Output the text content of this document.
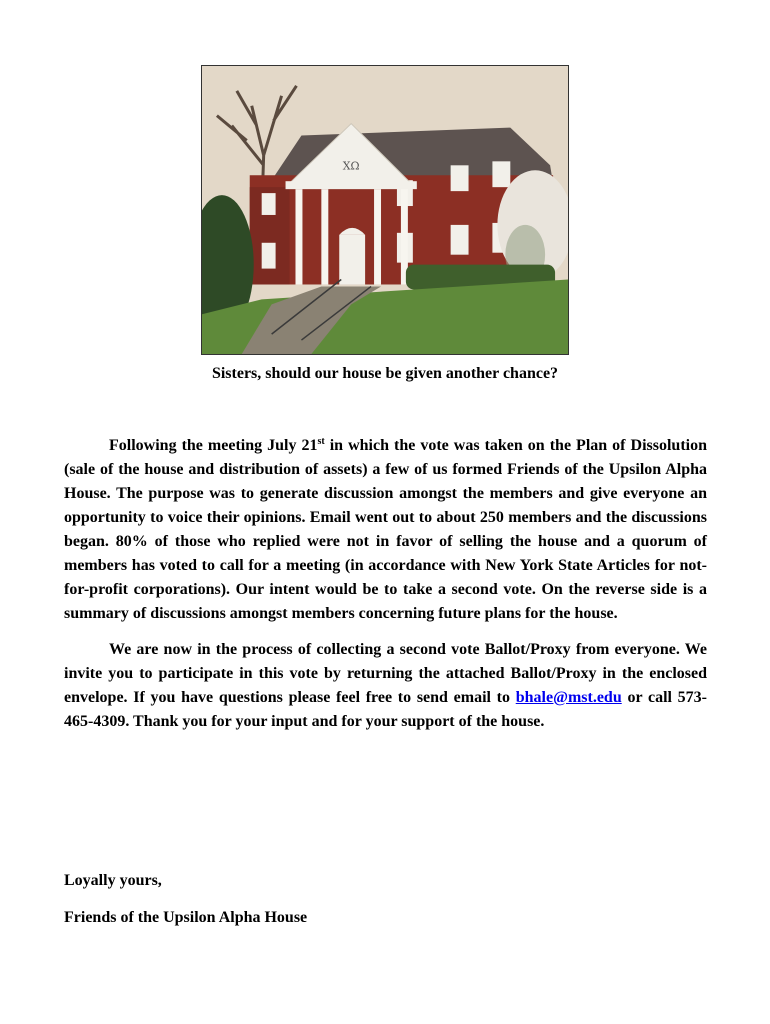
ΧΩ
Sisters, should our house be given another chance?

Following the meeting July 21st in which the vote was taken on the Plan of Dissolution (sale of the house and distribution of assets) a few of us formed Friends of the Upsilon Alpha House. The purpose was to generate discussion amongst the members and give everyone an opportunity to voice their opinions. Email went out to about 250 members and the discussions began. 80% of those who replied were not in favor of selling the house and a quorum of members has voted to call for a meeting (in accordance with New York State Articles for not-for-profit corporations). Our intent would be to take a second vote. On the reverse side is a summary of discussions amongst members concerning future plans for the house.

We are now in the process of collecting a second vote Ballot/Proxy from everyone. We invite you to participate in this vote by returning the attached Ballot/Proxy in the enclosed envelope. If you have questions please feel free to send email to bhale@mst.edu or call 573-465-4309. Thank you for your input and for your support of the house.

Loyally yours,
Friends of the Upsilon Alpha House
